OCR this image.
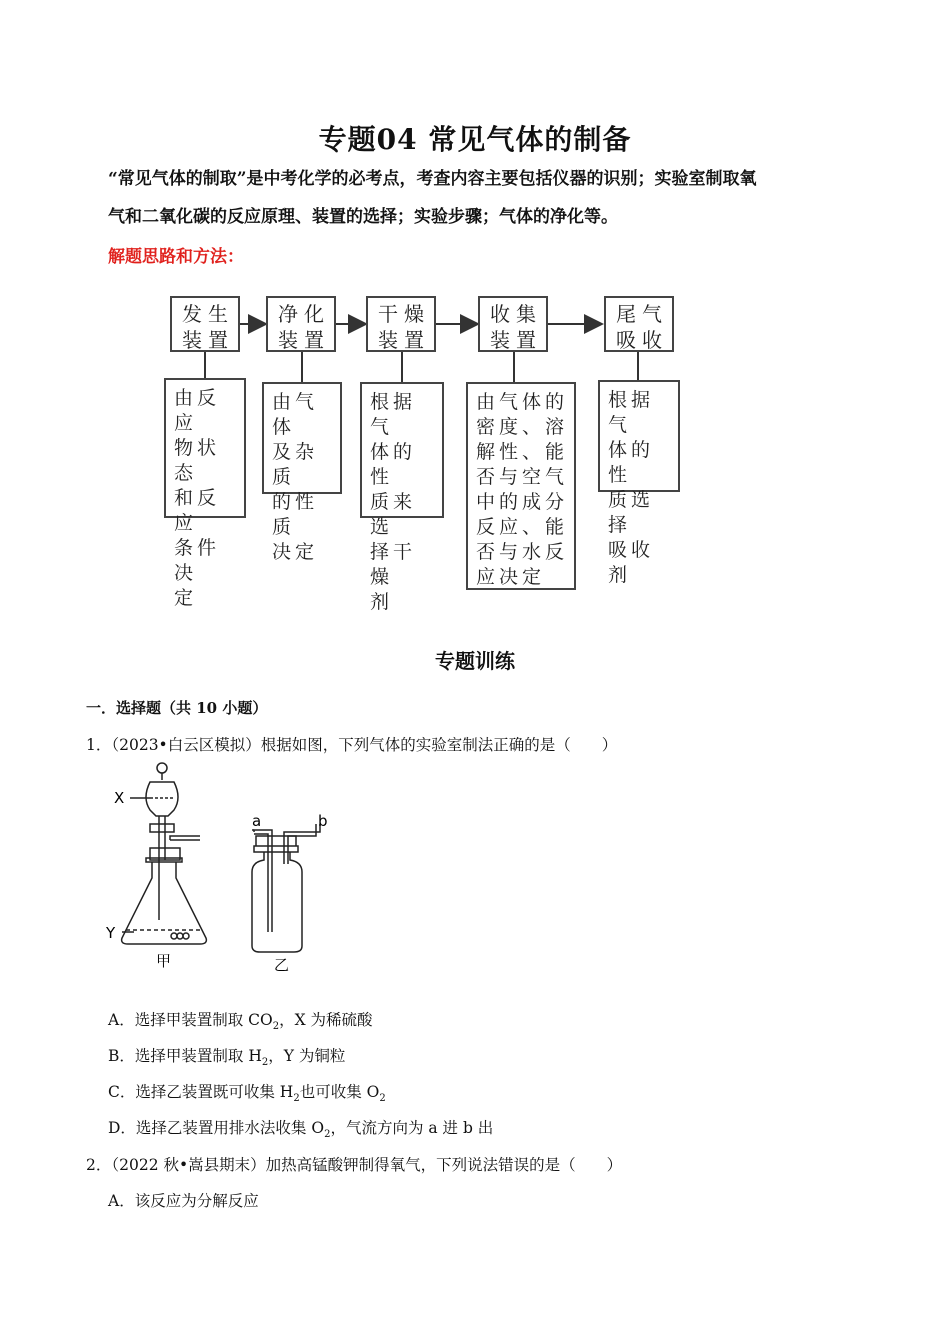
专题04 常见气体的制备
“常见气体的制取”是中考化学的必考点，考查内容主要包括仪器的识别；实验室制取氧
气和二氧化碳的反应原理、装置的选择；实验步骤；气体的净化等。
解题思路和方法：
发生
装置
净化
装置
干燥
装置
收集
装置
尾气
吸收
由反应
物状态
和反应
条件决
定
由气体
及杂质
的性质
决定
根据气
体的性
质来选
择干燥
剂
由气体的
密度、溶
解性、能
否与空气
中的成分
反应、能
否与水反
应决定
根据气
体的性
质选择
吸收剂
专题训练
一．选择题（共 10 小题）
1．（2023•白云区模拟）根据如图，下列气体的实验室制法正确的是（　　）
X
Y
a	b
甲	乙
A．选择甲装置制取 $CO_2$，X 为稀硫酸
B．选择甲装置制取 $H_2$，Y 为铜粒
C．选择乙装置既可收集 $H_2$也可收集 $O_2$
D．选择乙装置用排水法收集 $O_2$，气流方向为 a 进 b 出
2．（2022 秋•嵩县期末）加热高锰酸钾制得氧气，下列说法错误的是（　　）
A．该反应为分解反应
